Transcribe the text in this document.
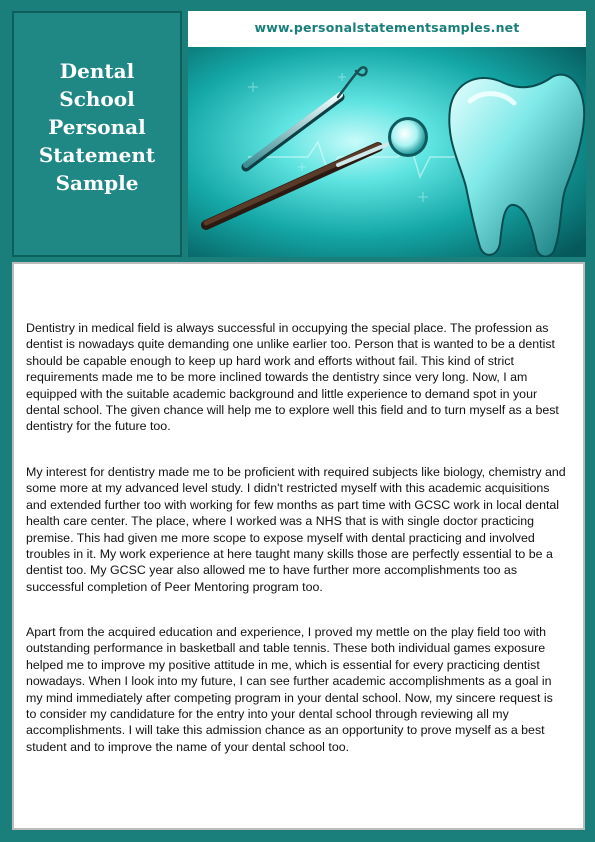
Dental
School
Personal
Statement
Sample
www.personalstatementsamples.net

Dentistry in medical field is always successful in occupying the special place. The profession as dentist is nowadays quite demanding one unlike earlier too. Person that is wanted to be a dentist should be capable enough to keep up hard work and efforts without fail. This kind of strict requirements made me to be more inclined towards the dentistry since very long. Now, I am equipped with the suitable academic background and little experience to demand spot in your dental school. The given chance will help me to explore well this field and to turn myself as a best dentistry for the future too.

My interest for dentistry made me to be proficient with required subjects like biology, chemistry and some more at my advanced level study. I didn't restricted myself with this academic acquisitions and extended further too with working for few months as part time with GCSC work in local dental health care center. The place, where I worked was a NHS that is with single doctor practicing premise. This had given me more scope to expose myself with dental practicing and involved troubles in it. My work experience at here taught many skills those are perfectly essential to be a dentist too. My GCSC year also allowed me to have further more accomplishments too as successful completion of Peer Mentoring program too.

Apart from the acquired education and experience, I proved my mettle on the play field too with outstanding performance in basketball and table tennis. These both individual games exposure helped me to improve my positive attitude in me, which is essential for every practicing dentist nowadays. When I look into my future, I can see further academic accomplishments as a goal in my mind immediately after competing program in your dental school. Now, my sincere request is to consider my candidature for the entry into your dental school through reviewing all my accomplishments. I will take this admission chance as an opportunity to prove myself as a best student and to improve the name of your dental school too.
